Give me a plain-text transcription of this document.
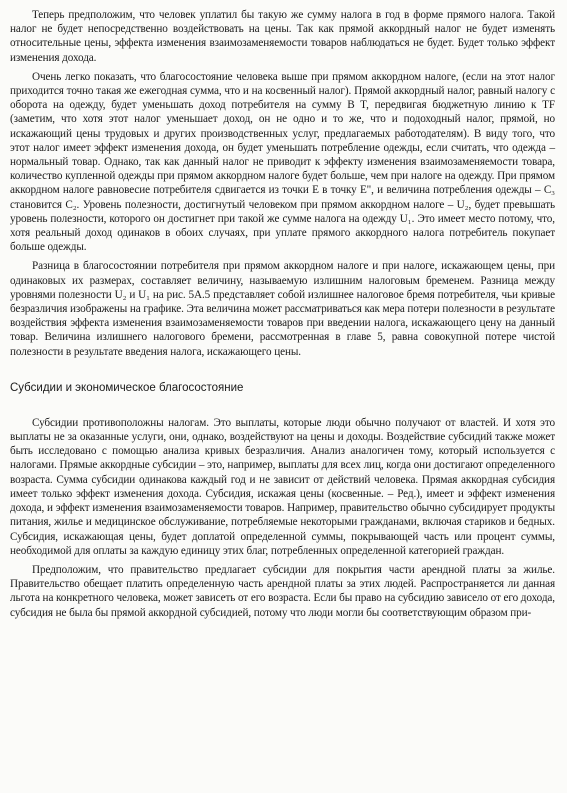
Теперь предположим, что человек уплатил бы такую же сумму налога в год в форме прямого налога. Такой налог не будет непосредственно воздействовать на цены. Так как прямой аккордный налог не будет изменять относительные цены, эффекта изменения взаимозаменяемости товаров наблюдаться не будет. Будет только эффект изменения дохода.

Очень легко показать, что благосостояние человека выше при прямом аккордном налоге, (если на этот налог приходится точно такая же ежегодная сумма, что и на косвенный налог). Прямой аккордный налог, равный налогу с оборота на одежду, будет уменьшать доход потребителя на сумму B T, передвигая бюджетную линию к TF (заметим, что хотя этот налог уменьшает доход, он не одно и то же, что и подоходный налог, прямой, но искажающий цены трудовых и других производственных услуг, предлагаемых работодателям). В виду того, что этот налог имеет эффект изменения дохода, он будет уменьшать потребление одежды, если считать, что одежда – нормальный товар. Однако, так как данный налог не приводит к эффекту изменения взаимозаменяемости товара, количество купленной одежды при прямом аккордном налоге будет больше, чем при налоге на одежду. При прямом аккордном налоге равновесие потребителя сдвигается из точки E в точку E", и величина потребления одежды – C₃ становится C₂. Уровень полезности, достигнутый человеком при прямом аккордном налоге – U₂, будет превышать уровень полезности, которого он достигнет при такой же сумме налога на одежду U₁. Это имеет место потому, что, хотя реальный доход одинаков в обоих случаях, при уплате прямого аккордного налога потребитель покупает больше одежды.

Разница в благосостоянии потребителя при прямом аккордном налоге и при налоге, искажающем цены, при одинаковых их размерах, составляет величину, называемую излишним налоговым бременем. Разница между уровнями полезности U₂ и U₁ на рис. 5A.5 представляет собой излишнее налоговое бремя потребителя, чьи кривые безразличия изображены на графике. Эта величина может рассматриваться как мера потери полезности в результате воздействия эффекта изменения взаимозаменяемости товаров при введении налога, искажающего цену на данный товар. Величина излишнего налогового бремени, рассмотренная в главе 5, равна совокупной потере чистой полезности в результате введения налога, искажающего цены.

Субсидии и экономическое благосостояние

Субсидии противоположны налогам. Это выплаты, которые люди обычно получают от властей. И хотя это выплаты не за оказанные услуги, они, однако, воздействуют на цены и доходы. Воздействие субсидий также может быть исследовано с помощью анализа кривых безразличия. Анализ аналогичен тому, который используется с налогами. Прямые аккордные субсидии – это, например, выплаты для всех лиц, когда они достигают определенного возраста. Сумма субсидии одинакова каждый год и не зависит от действий человека. Прямая аккордная субсидия имеет только эффект изменения дохода. Субсидия, искажая цены (косвенные. – Ред.), имеет и эффект изменения дохода, и эффект изменения взаимозаменяемости товаров. Например, правительство обычно субсидирует продукты питания, жилье и медицинское обслуживание, потребляемые некоторыми гражданами, включая стариков и бедных. Субсидия, искажающая цены, будет доплатой определенной суммы, покрывающей часть или процент суммы, необходимой для оплаты за каждую единицу этих благ, потребленных определенной категорией граждан.

Предположим, что правительство предлагает субсидии для покрытия части арендной платы за жилье. Правительство обещает платить определенную часть арендной платы за этих людей. Распространяется ли данная льгота на конкретного человека, может зависеть от его возраста. Если бы право на субсидию зависело от его дохода, субсидия не была бы прямой аккордной субсидией, потому что люди могли бы соответствующим образом при-
